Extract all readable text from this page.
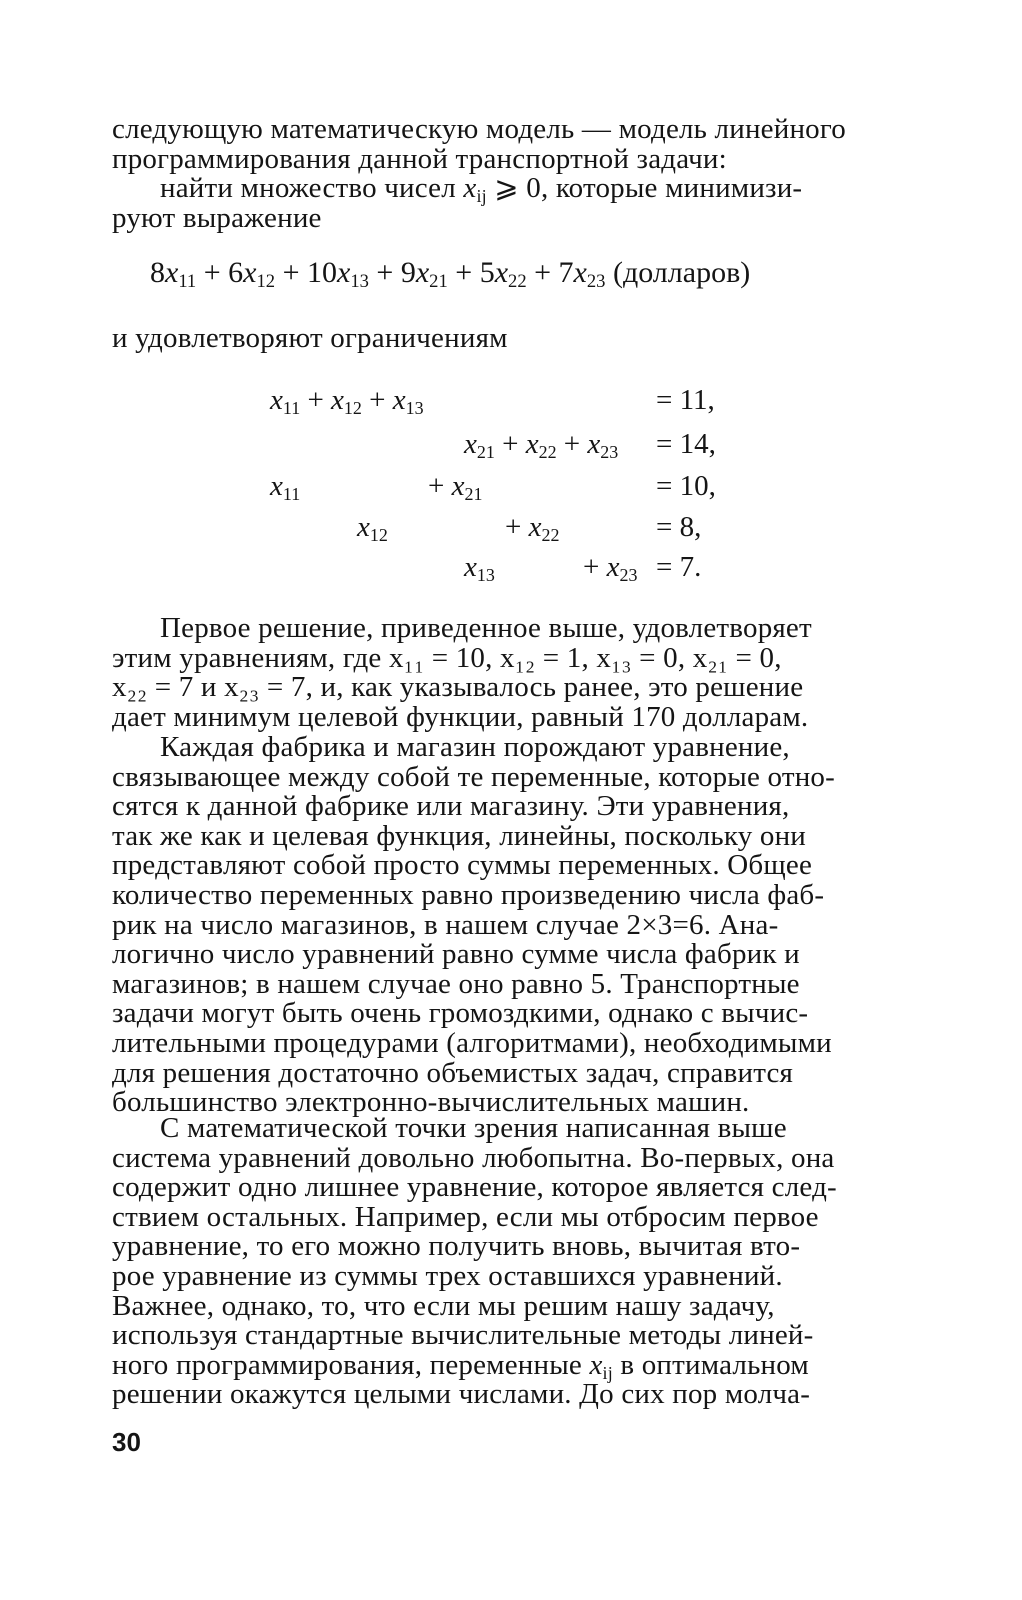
следующую математическую модель — модель линейного
программирования данной транспортной задачи:
найти множество чисел $x_{ij}$ ⩾ 0, которые минимизи-
руют выражение
$8x_{11} + 6x_{12} + 10x_{13} + 9x_{21} + 5x_{22} + 7x_{23}$ (долларов)
и удовлетворяют ограничениям
$x_{11} + x_{12} + x_{13}$	= 11,
$x_{21} + x_{22} + x_{23} = 14$,
$x_{11}$	+ $x_{21}$	= 10,
$x_{12}$	+ $x_{22}$	= 8,
$x_{13}$	+ $x_{23} = 7$.
Первое решение, приведенное выше, удовлетворяет
этим уравнениям, где x₁₁ = 10, x₁₂ = 1, x₁₃ = 0, x₂₁ = 0,
x₂₂ = 7 и x₂₃ = 7, и, как указывалось ранее, это решение
дает минимум целевой функции, равный 170 долларам.
Каждая фабрика и магазин порождают уравнение,
связывающее между собой те переменные, которые отно-
сятся к данной фабрике или магазину. Эти уравнения,
так же как и целевая функция, линейны, поскольку они
представляют собой просто суммы переменных. Общее
количество переменных равно произведению числа фаб-
рик на число магазинов, в нашем случае 2×3=6. Ана-
логично число уравнений равно сумме числа фабрик и
магазинов; в нашем случае оно равно 5. Транспортные
задачи могут быть очень громоздкими, однако с вычис-
лительными процедурами (алгоритмами), необходимыми
для решения достаточно объемистых задач, справится
большинство электронно-вычислительных машин.
С математической точки зрения написанная выше
система уравнений довольно любопытна. Во-первых, она
содержит одно лишнее уравнение, которое является след-
ствием остальных. Например, если мы отбросим первое
уравнение, то его можно получить вновь, вычитая вто-
рое уравнение из суммы трех оставшихся уравнений.
Важнее, однако, то, что если мы решим нашу задачу,
используя стандартные вычислительные методы линей-
ного программирования, переменные $x_{ij}$ в оптимальном
решении окажутся целыми числами. До сих пор молча-
30
